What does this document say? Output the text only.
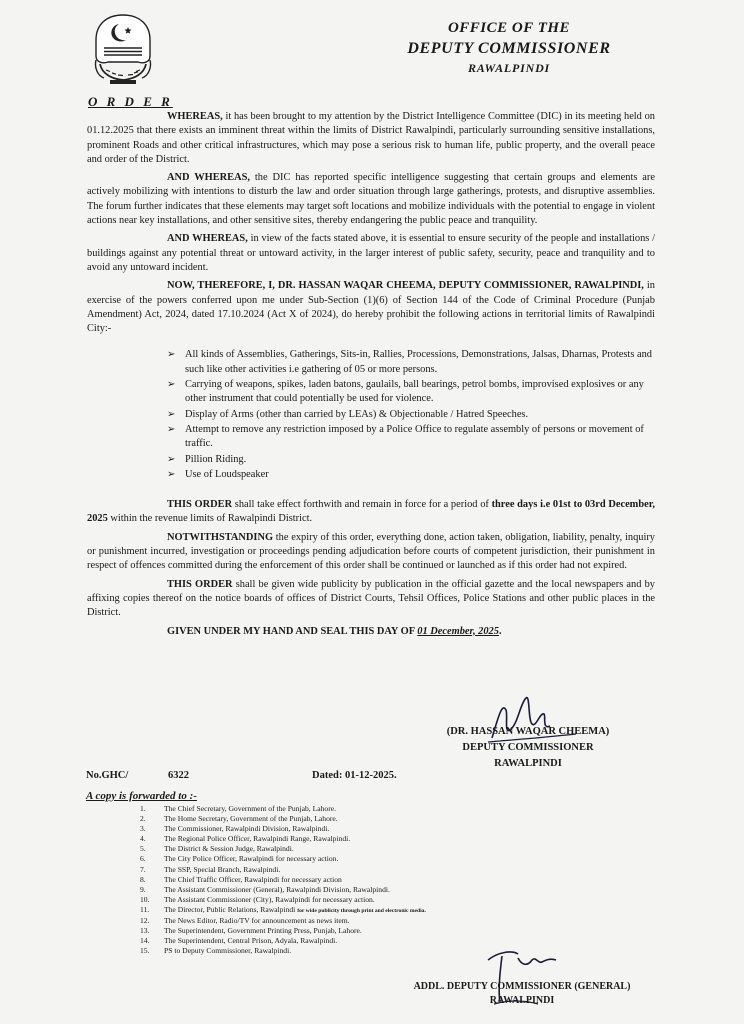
OFFICE OF THE
DEPUTY COMMISSIONER
RAWALPINDI
O R D E R

WHEREAS, it has been brought to my attention by the District Intelligence Committee (DIC) in its meeting held on 01.12.2025 that there exists an imminent threat within the limits of District Rawalpindi, particularly surrounding sensitive installations, prominent Roads and other critical infrastructures, which may pose a serious risk to human life, public property, and the overall peace and order of the District.

AND WHEREAS, the DIC has reported specific intelligence suggesting that certain groups and elements are actively mobilizing with intentions to disturb the law and order situation through large gatherings, protests, and disruptive assemblies. The forum further indicates that these elements may target soft locations and mobilize individuals with the potential to engage in violent actions near key installations, and other sensitive sites, thereby endangering the public peace and tranquility.

AND WHEREAS, in view of the facts stated above, it is essential to ensure security of the people and installations / buildings against any potential threat or untoward activity, in the larger interest of public safety, security, peace and tranquility and to avoid any untoward incident.

NOW, THEREFORE, I, DR. HASSAN WAQAR CHEEMA, DEPUTY COMMISSIONER, RAWALPINDI, in exercise of the powers conferred upon me under Sub-Section (1)(6) of Section 144 of the Code of Criminal Procedure (Punjab Amendment) Act, 2024, dated 17.10.2024 (Act X of 2024), do hereby prohibit the following actions in territorial limits of Rawalpindi City:-

➢ All kinds of Assemblies, Gatherings, Sits-in, Rallies, Processions, Demonstrations, Jalsas, Dharnas, Protests and such like other activities i.e gathering of 05 or more persons.
➢ Carrying of weapons, spikes, laden batons, gaulails, ball bearings, petrol bombs, improvised explosives or any other instrument that could potentially be used for violence.
➢ Display of Arms (other than carried by LEAs) & Objectionable / Hatred Speeches.
➢ Attempt to remove any restriction imposed by a Police Office to regulate assembly of persons or movement of traffic.
➢ Pillion Riding.
➢ Use of Loudspeaker

THIS ORDER shall take effect forthwith and remain in force for a period of three days i.e 01st to 03rd December, 2025 within the revenue limits of Rawalpindi District.

NOTWITHSTANDING the expiry of this order, everything done, action taken, obligation, liability, penalty, inquiry or punishment incurred, investigation or proceedings pending adjudication before courts of competent jurisdiction, their punishment in respect of offences committed during the enforcement of this order shall be continued or launched as if this order had not expired.

THIS ORDER shall be given wide publicity by publication in the official gazette and the local newspapers and by affixing copies thereof on the notice boards of offices of District Courts, Tehsil Offices, Police Stations and other public places in the District.

GIVEN UNDER MY HAND AND SEAL THIS DAY OF 01 December, 2025.

(DR. HASSAN WAQAR CHEEMA)
DEPUTY COMMISSIONER
RAWALPINDI
No.GHC/	6322	Dated: 01-12-2025.
A copy is forwarded to :-
1. The Chief Secretary, Government of the Punjab, Lahore.
2. The Home Secretary, Government of the Punjab, Lahore.
3. The Commissioner, Rawalpindi Division, Rawalpindi.
4. The Regional Police Officer, Rawalpindi Range, Rawalpindi.
5. The District & Session Judge, Rawalpindi.
6. The City Police Officer, Rawalpindi for necessary action.
7. The SSP, Special Branch, Rawalpindi.
8. The Chief Traffic Officer, Rawalpindi for necessary action
9. The Assistant Commissioner (General), Rawalpindi Division, Rawalpindi.
10. The Assistant Commissioner (City), Rawalpindi for necessary action.
11. The Director, Public Relations, Rawalpindi for wide publicity through print and electronic media.
12. The News Editor, Radio/TV for announcement as news item.
13. The Superintendent, Government Printing Press, Punjab, Lahore.
14. The Superintendent, Central Prison, Adyala, Rawalpindi.
15. PS to Deputy Commissioner, Rawalpindi.
ADDL. DEPUTY COMMISSIONER (GENERAL)
RAWALPINDI
